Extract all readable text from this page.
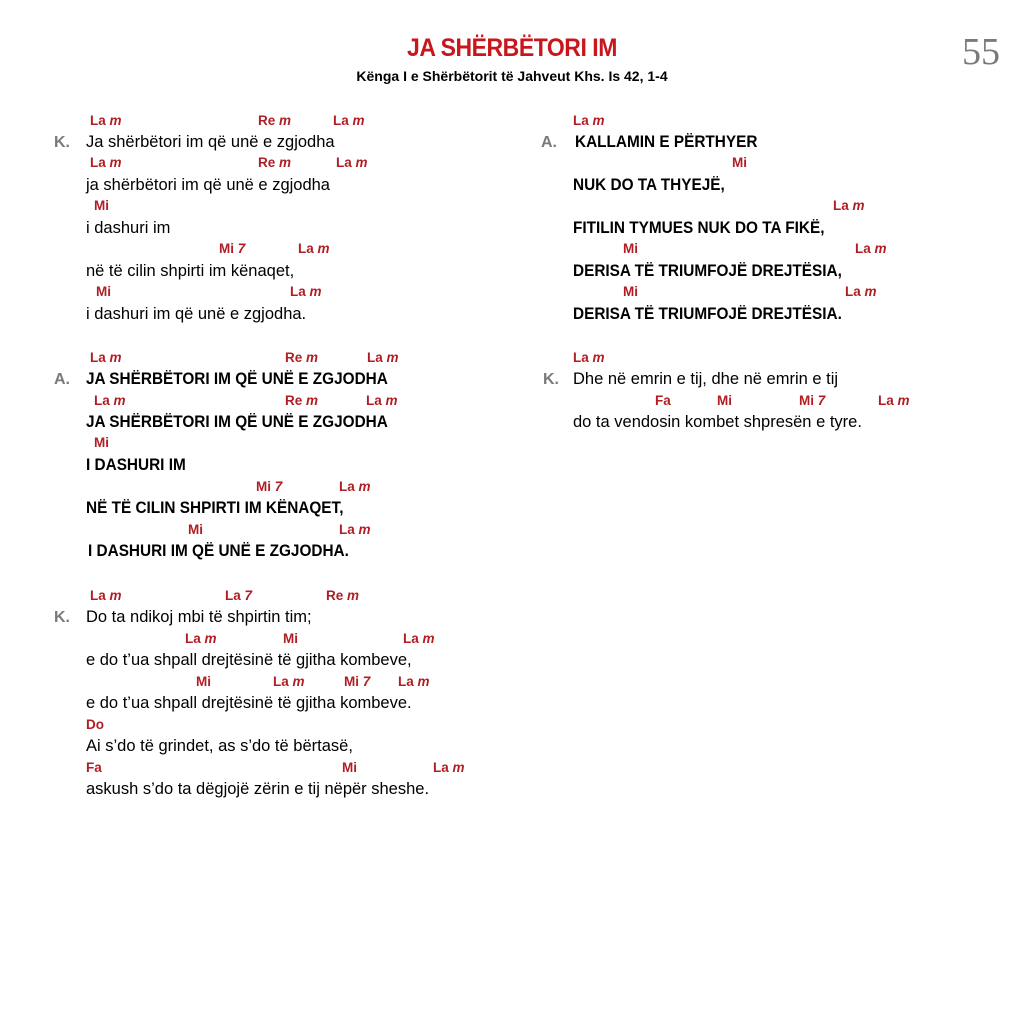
55
JA SHËRBËTORI IM
Kënga I e Shërbëtorit të Jahveut Khs. Is 42, 1-4
La m	Re m	La m
K. Ja shërbëtori im që unë e zgjodha
La m	Re m	La m
ja shërbëtori im që unë e zgjodha
Mi
i dashuri im
Mi 7	La m
në të cilin shpirti im kënaqet,
Mi	La m
i dashuri im që unë e zgjodha.
La m	Re m	La m
A. JA SHËRBËTORI IM QË UNË E ZGJODHA
La m	Re m	La m
JA SHËRBËTORI IM QË UNË E ZGJODHA
Mi
I DASHURI IM
Mi 7	La m
NË TË CILIN SHPIRTI IM KËNAQET,
Mi	La m
I DASHURI IM QË UNË E ZGJODHA.
La m	La 7	Re m
K. Do ta ndikoj mbi të shpirtin tim;
La m	Mi	La m
e do t’ua shpall drejtësinë të gjitha kombeve,
Mi	La m	Mi 7 La m
e do t’ua shpall drejtësinë të gjitha kombeve.
Do
Ai s’do të grindet, as s’do të bërtasë,
Fa	Mi	La m
askush s’do ta dëgjojë zërin e tij nëpër sheshe.
La m
A. KALLAMIN E PËRTHYER
Mi
NUK DO TA THYEJË,
La m
FITILIN TYMUES NUK DO TA FIKË,
Mi	La m
DERISA TË TRIUMFOJË DREJTËSIA,
Mi	La m
DERISA TË TRIUMFOJË DREJTËSIA.
La m
K. Dhe në emrin e tij, dhe në emrin e tij
Fa	Mi	Mi 7	La m
do ta vendosin kombet shpresën e tyre.
